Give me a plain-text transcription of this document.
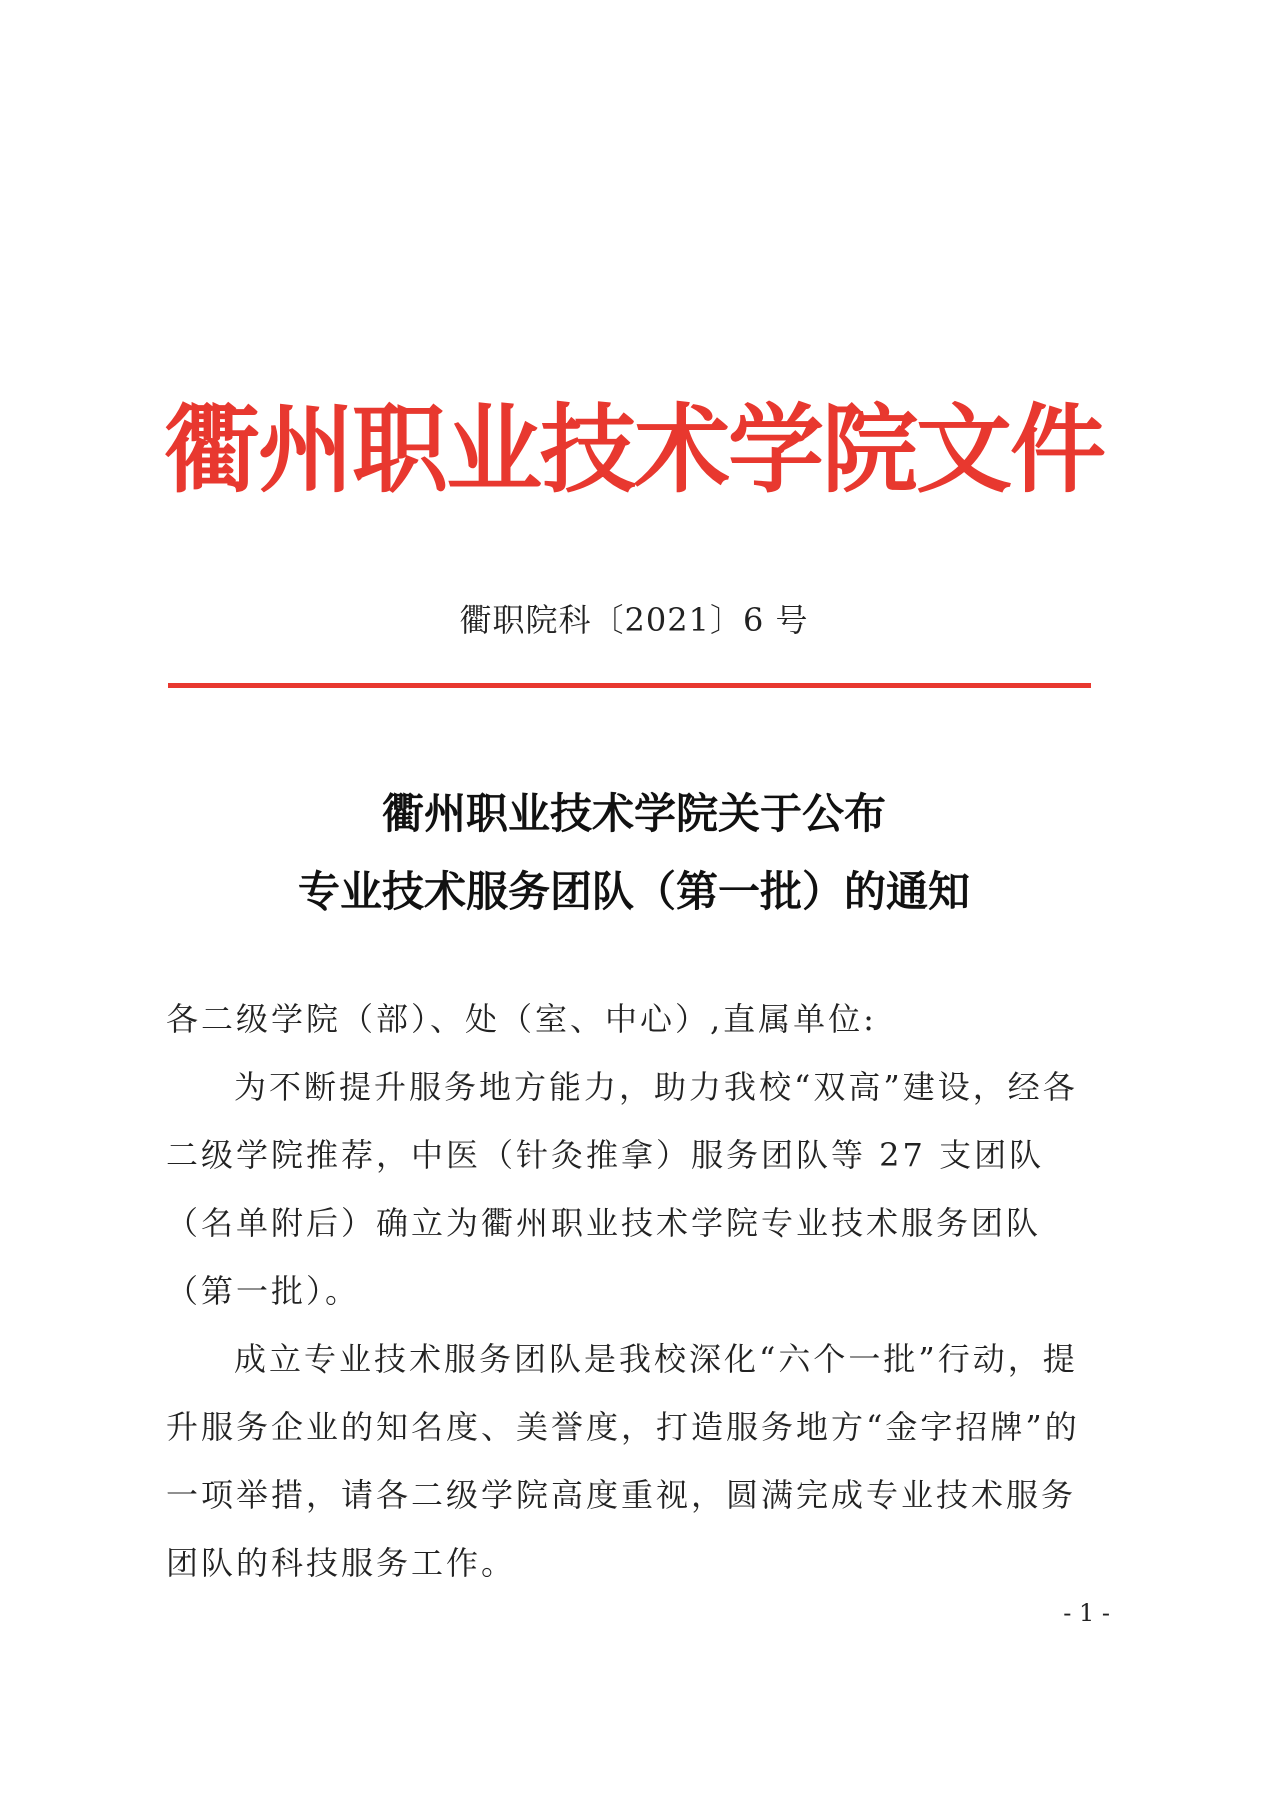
衢州职业技术学院文件
衢职院科〔2021〕6 号
衢州职业技术学院关于公布
专业技术服务团队（第一批）的通知

各二级学院（部）、处（室、中心）,直属单位:

为不断提升服务地方能力，助力我校“双高”建设，经各二级学院推荐，中医（针灸推拿）服务团队等 27 支团队（名单附后）确立为衢州职业技术学院专业技术服务团队（第一批）。

成立专业技术服务团队是我校深化“六个一批”行动，提升服务企业的知名度、美誉度，打造服务地方“金字招牌”的一项举措，请各二级学院高度重视，圆满完成专业技术服务团队的科技服务工作。

- 1 -
